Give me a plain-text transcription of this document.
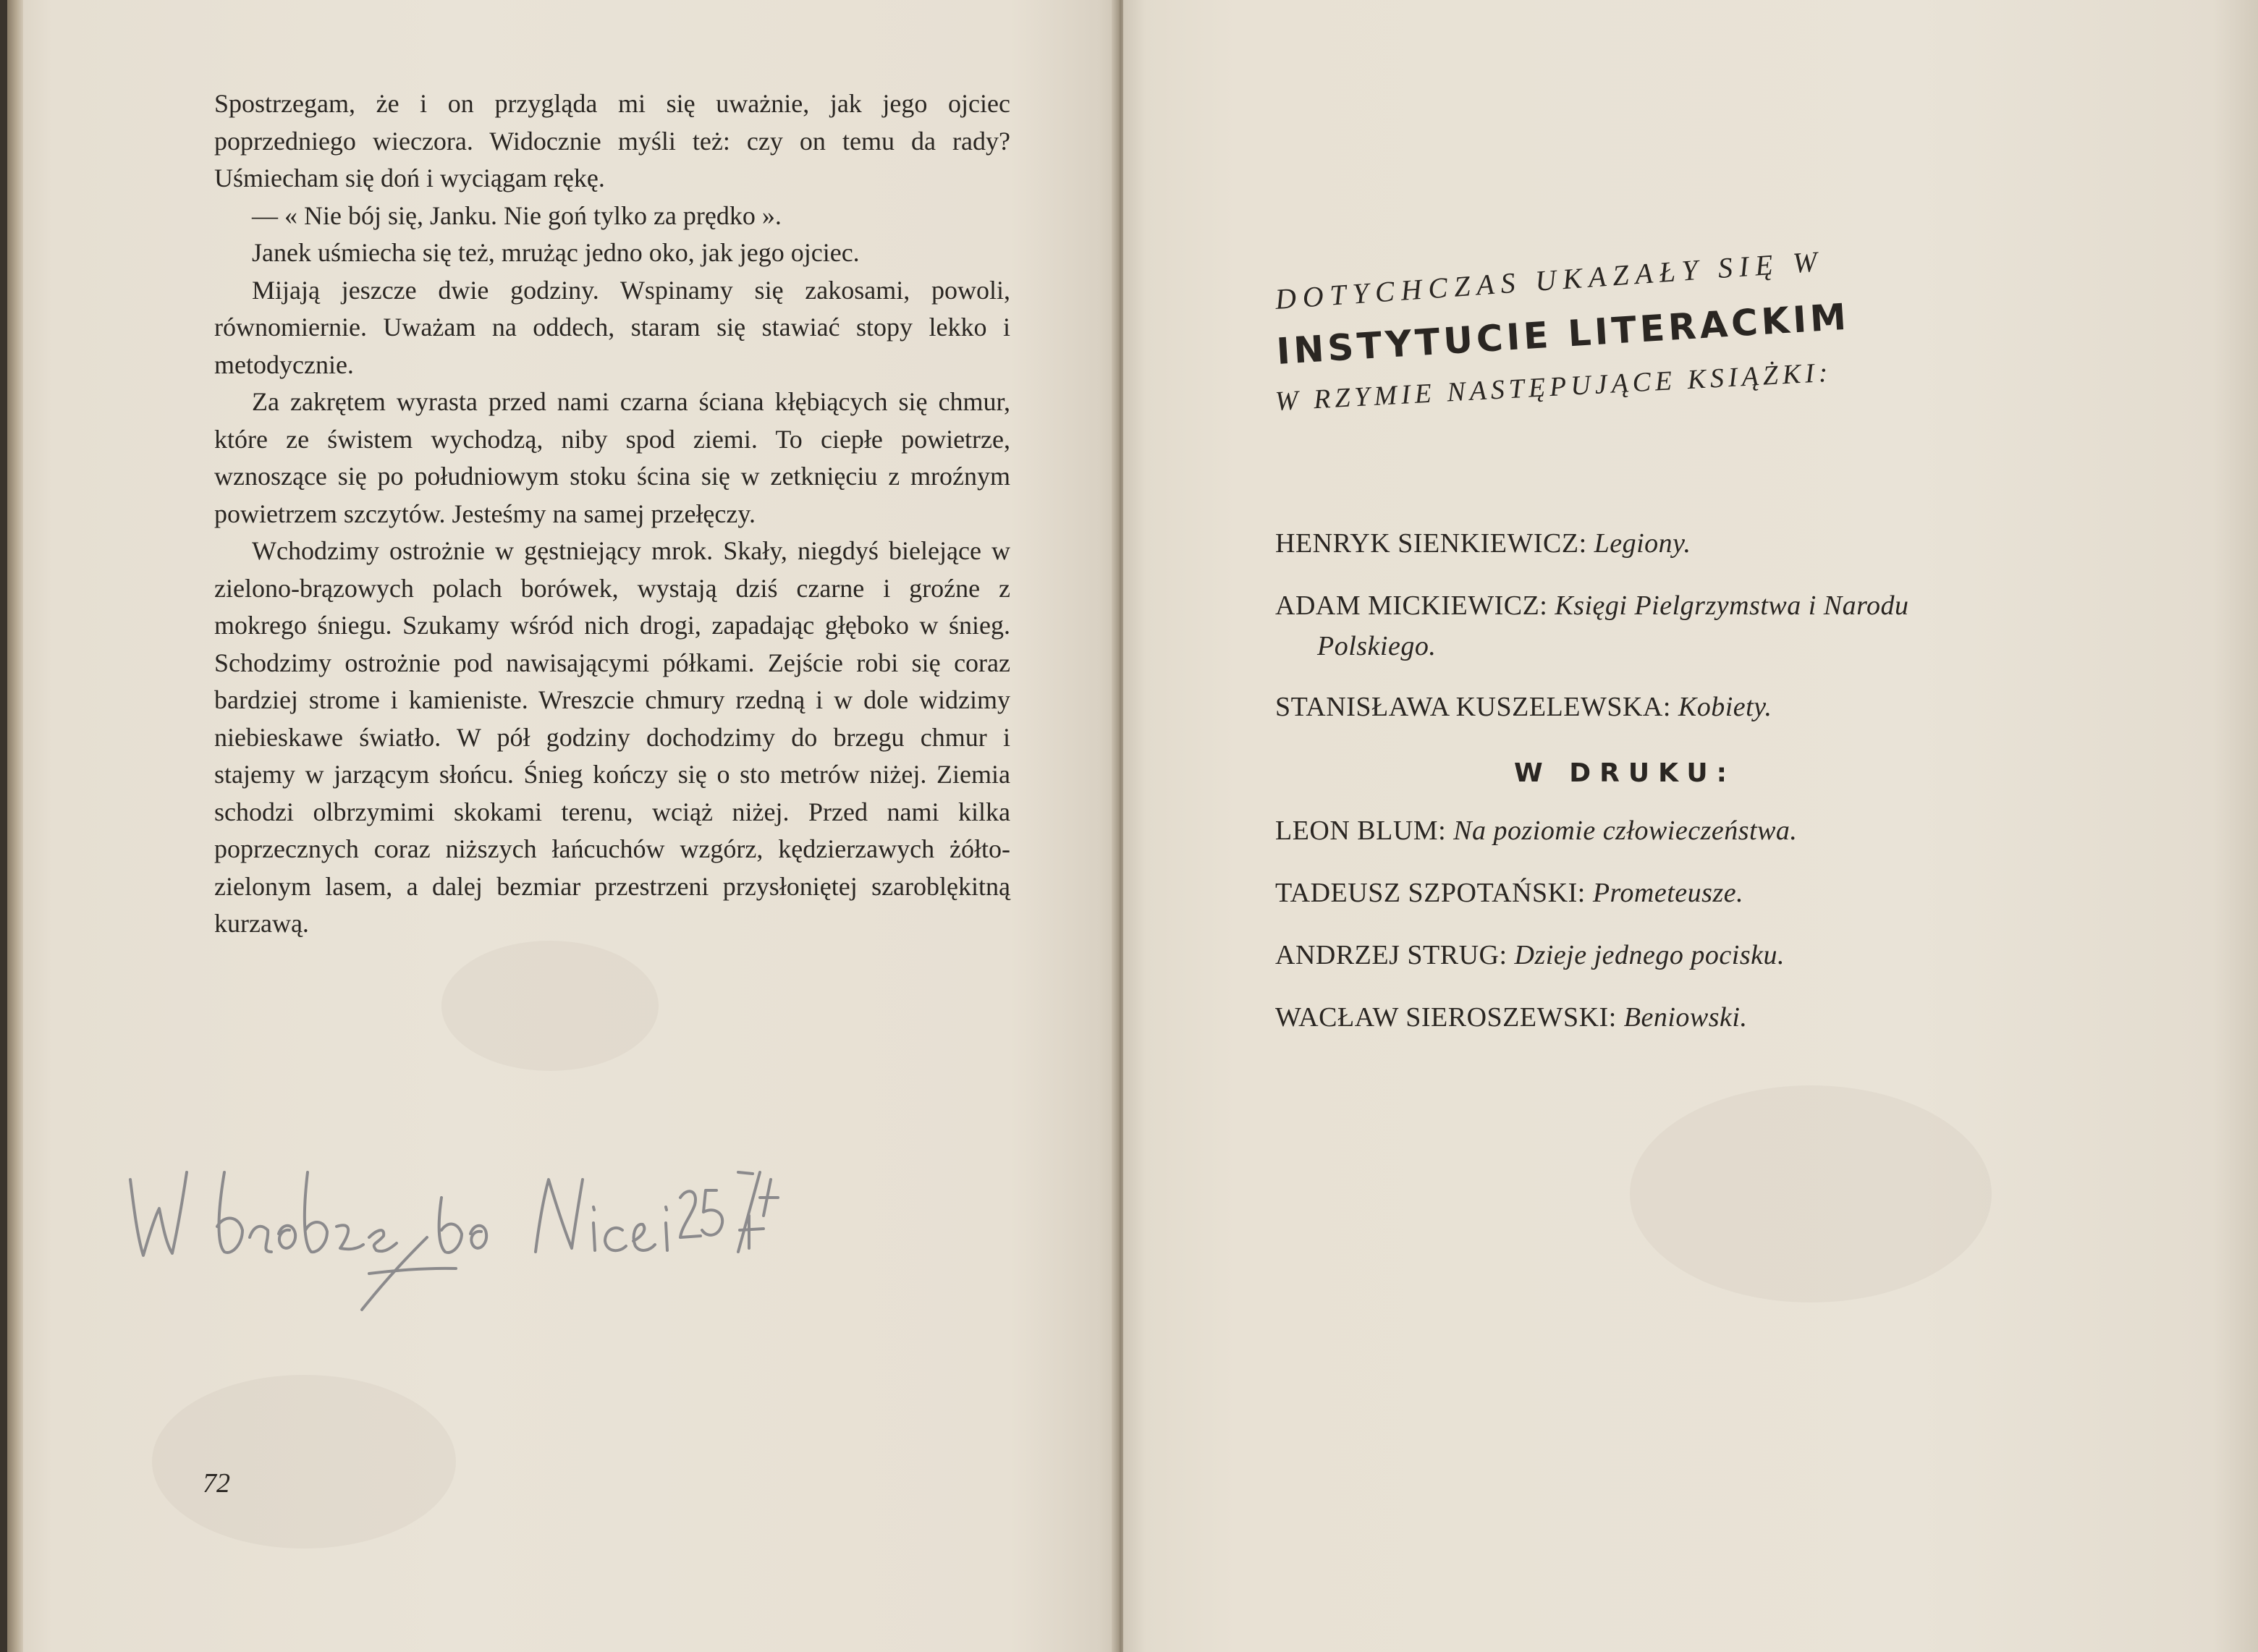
Spostrzegam, że i on przygląda mi się uważnie, jak jego ojciec poprzedniego wieczora. Widocznie myśli też: czy on temu da rady? Uśmiecham się doń i wyciągam rękę.

— « Nie bój się, Janku. Nie goń tylko za prędko ».

Janek uśmiecha się też, mrużąc jedno oko, jak jego ojciec.

Mijają jeszcze dwie godziny. Wspinamy się zakosami, powoli, równomiernie. Uważam na oddech, staram się stawiać stopy lekko i metodycznie.

Za zakrętem wyrasta przed nami czarna ściana kłębiących się chmur, które ze świstem wychodzą, niby spod ziemi. To ciepłe powietrze, wznoszące się po południowym stoku ścina się w zetknięciu z mroźnym powietrzem szczytów. Jesteśmy na samej przełęczy.

Wchodzimy ostrożnie w gęstniejący mrok. Skały, niegdyś bielejące w zielono-brązowych polach borówek, wystają dziś czarne i groźne z mokrego śniegu. Szukamy wśród nich drogi, zapadając głęboko w śnieg. Schodzimy ostrożnie pod nawisającymi półkami. Zejście robi się coraz bardziej strome i kamieniste. Wreszcie chmury rzedną i w dole widzimy niebieskawe światło. W pół godziny dochodzimy do brzegu chmur i stajemy w jarzącym słońcu. Śnieg kończy się o sto metrów niżej. Ziemia schodzi olbrzymimi skokami terenu, wciąż niżej. Przed nami kilka poprzecznych coraz niższych łańcuchów wzgórz, kędzierzawych żółto-zielonym lasem, a dalej bezmiar przestrzeni przysłoniętej szaroblękitną kurzawą.

72
DOTYCHCZAS UKAZAŁY SIĘ W
INSTYTUCIE LITERACKIM
W RZYMIE NASTĘPUJĄCE KSIĄŻKI:
HENRYK SIENKIEWICZ: Legiony.
ADAM MICKIEWICZ: Księgi Pielgrzymstwa i Narodu
Polskiego.
STANISŁAWA KUSZELEWSKA: Kobiety.
W DRUKU:
LEON BLUM: Na poziomie człowieczeństwa.
TADEUSZ SZPOTAŃSKI: Prometeusze.
ANDRZEJ STRUG: Dzieje jednego pocisku.
WACŁAW SIEROSZEWSKI: Beniowski.
